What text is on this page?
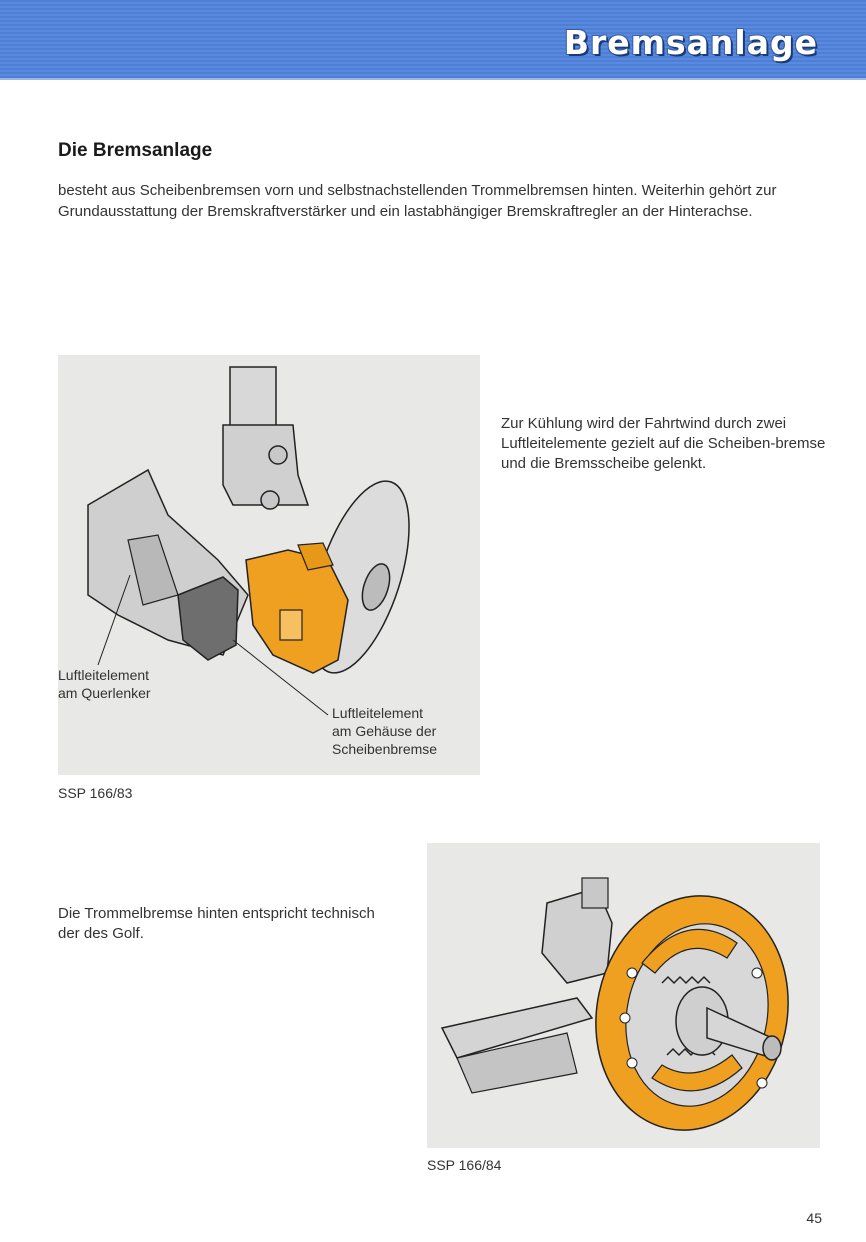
Bremsanlage
Die Bremsanlage

besteht aus Scheibenbremsen vorn und selbstnachstellenden Trommelbremsen hinten. Weiterhin gehört zur Grundausstattung der Bremskraftverstärker und ein lastabhängiger Bremskraftregler an der Hinterachse.

Luftleitelement
am Querlenker
Luftleitelement
am Gehäuse der
Scheibenbremse

SSP 166/83

Zur Kühlung wird der Fahrtwind durch zwei Luftleitelemente gezielt auf die Scheiben-bremse und die Bremsscheibe gelenkt.

Die Trommelbremse hinten entspricht technisch der des Golf.

SSP 166/84

45
